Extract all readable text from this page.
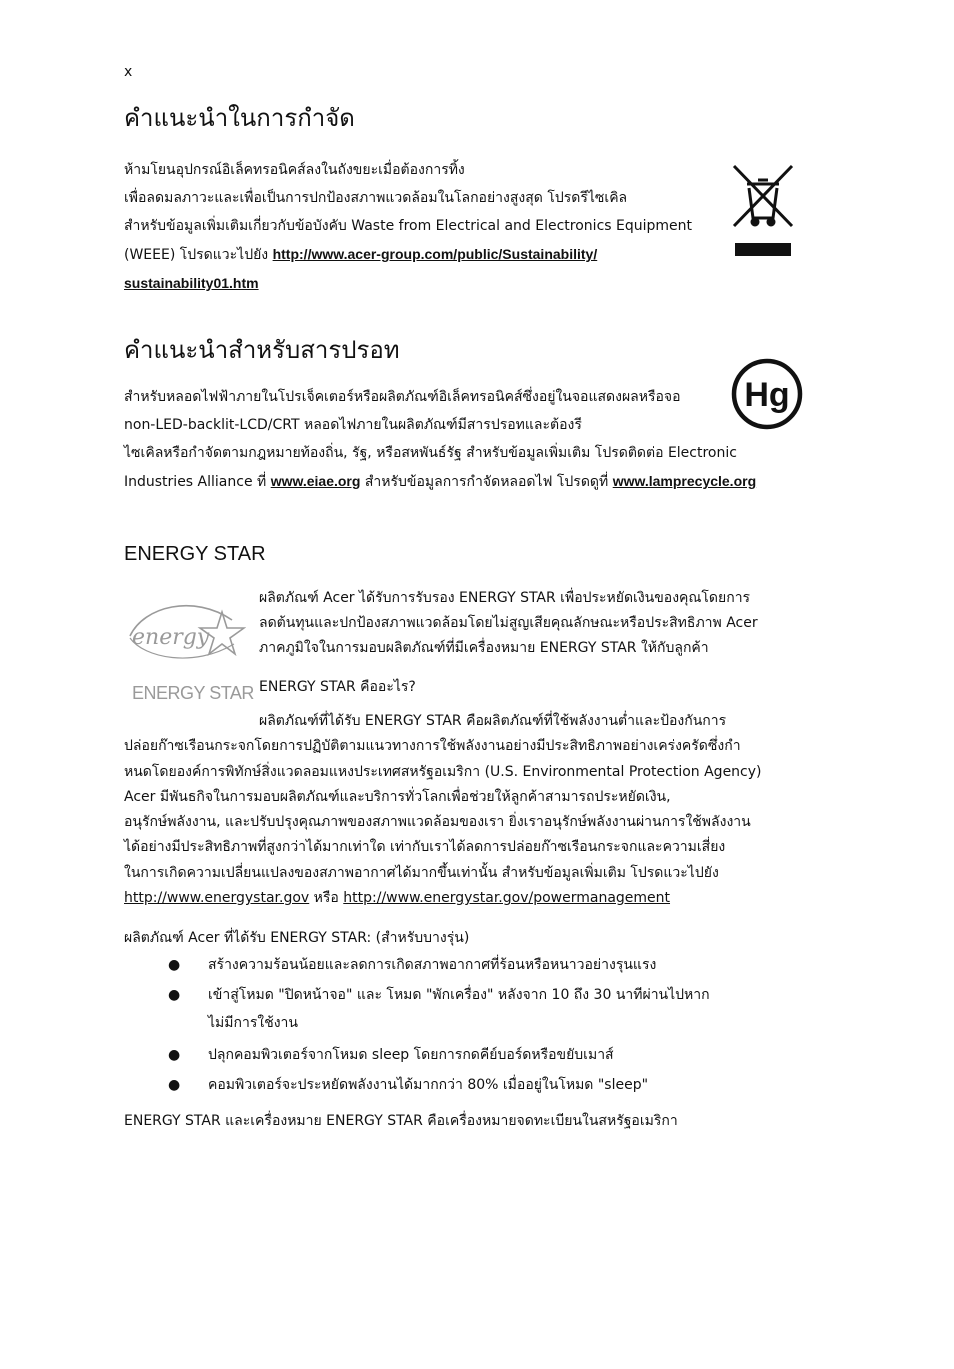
x
คำแนะนำในการกำจัด

ห้ามโยนอุปกรณ์อิเล็คทรอนิคส์ลงในถังขยะเมื่อต้องการทิ้ง

เพื่อลดมลภาวะและเพื่อเป็นการปกป้องสภาพแวดล้อมในโลกอย่างสูงสุด โปรดรีไซเคิล

สำหรับข้อมูลเพิ่มเติมเกี่ยวกับข้อบังคับ Waste from Electrical and Electronics Equipment

(WEEE) โปรดแวะไปยัง http://www.acer-group.com/public/Sustainability/

sustainability01.htm

คำแนะนำสำหรับสารปรอท

สำหรับหลอดไฟฟ้าภายในโปรเจ็คเตอร์หรือผลิตภัณฑ์อิเล็คทรอนิคส์ซึ่งอยู่ในจอแสดงผลหรือจอ

non-LED-backlit-LCD/CRT หลอดไฟภายในผลิตภัณฑ์มีสารปรอทและต้องรี

ไซเคิลหรือกำจัดตามกฎหมายท้องถิ่น, รัฐ, หรือสหพันธ์รัฐ สำหรับข้อมูลเพิ่มเติม โปรดติดต่อ Electronic

Industries Alliance ที่ www.eiae.org สำหรับข้อมูลการกำจัดหลอดไฟ โปรดดูที่ www.lamprecycle.org

Hg
ENERGY STAR
energy
ENERGY STAR

ผลิตภัณฑ์ Acer ได้รับการรับรอง ENERGY STAR เพื่อประหยัดเงินของคุณโดยการ

ลดต้นทุนและปกป้องสภาพแวดล้อมโดยไม่สูญเสียคุณลักษณะหรือประสิทธิภาพ Acer

ภาคภูมิใจในการมอบผลิตภัณฑ์ที่มีเครื่องหมาย ENERGY STAR ให้กับลูกค้า

ENERGY STAR คืออะไร?

ผลิตภัณฑ์ที่ได้รับ ENERGY STAR คือผลิตภัณฑ์ที่ใช้พลังงานต่ำและป้องกันการ

ปล่อยก๊าซเรือนกระจกโดยการปฏิบัติตามแนวทางการใช้พลังงานอย่างมีประสิทธิภาพอย่างเคร่งครัดซึ่งกำ

หนดโดยองค์การพิทักษ์สิ่งแวดลอมแหงประเทศสหรัฐอเมริกา (U.S. Environmental Protection Agency)

Acer มีพันธกิจในการมอบผลิตภัณฑ์และบริการทั่วโลกเพื่อช่วยให้ลูกค้าสามารถประหยัดเงิน,

อนุรักษ์พลังงาน, และปรับปรุงคุณภาพของสภาพแวดล้อมของเรา ยิ่งเราอนุรักษ์พลังงานผ่านการใช้พลังงาน

ได้อย่างมีประสิทธิภาพที่สูงกว่าได้มากเท่าใด เท่ากับเราได้ลดการปล่อยก๊าซเรือนกระจกและความเสี่ยง

ในการเกิดความเปลี่ยนแปลงของสภาพอากาศได้มากขึ้นเท่านั้น สำหรับข้อมูลเพิ่มเติม โปรดแวะไปยัง

http://www.energystar.gov หรือ http://www.energystar.gov/powermanagement

ผลิตภัณฑ์ Acer ที่ได้รับ ENERGY STAR: (สำหรับบางรุ่น)
● สร้างความร้อนน้อยและลดการเกิดสภาพอากาศที่ร้อนหรือหนาวอย่างรุนแรง
● เข้าสู่โหมด "ปิดหน้าจอ" และ โหมด "พักเครื่อง" หลังจาก 10 ถึง 30 นาทีผ่านไปหาก
ไม่มีการใช้งาน
● ปลุกคอมพิวเตอร์จากโหมด sleep โดยการกดคีย์บอร์ดหรือขยับเมาส์
● คอมพิวเตอร์จะประหยัดพลังงานได้มากกว่า 80% เมื่ออยู่ในโหมด "sleep"
ENERGY STAR และเครื่องหมาย ENERGY STAR คือเครื่องหมายจดทะเบียนในสหรัฐอเมริกา
